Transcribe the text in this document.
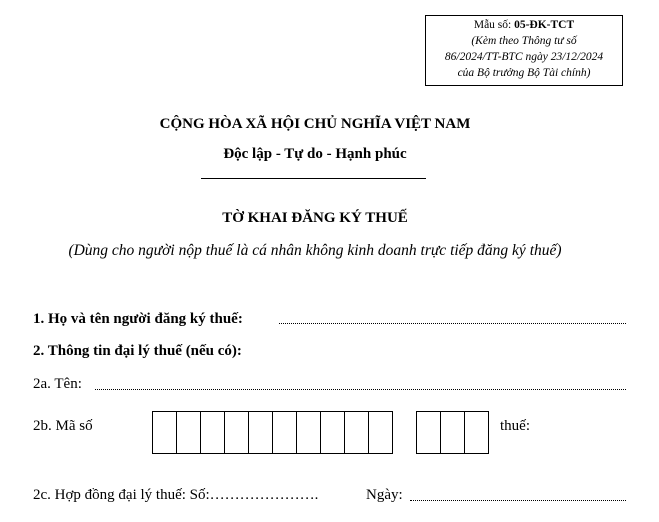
Mẫu số: 05-ĐK-TCT
(Kèm theo Thông tư số
86/2024/TT-BTC ngày 23/12/2024
của Bộ trưởng Bộ Tài chính)
CỘNG HÒA XÃ HỘI CHỦ NGHĨA VIỆT NAM
Độc lập - Tự do - Hạnh phúc
TỜ KHAI ĐĂNG KÝ THUẾ
(Dùng cho người nộp thuế là cá nhân không kinh doanh trực tiếp đăng ký thuế)
1. Họ và tên người đăng ký thuế:
2. Thông tin đại lý thuế (nếu có):
2a. Tên:
2b. Mã số	thuế:
2c. Hợp đồng đại lý thuế: Số:………………….	Ngày:
